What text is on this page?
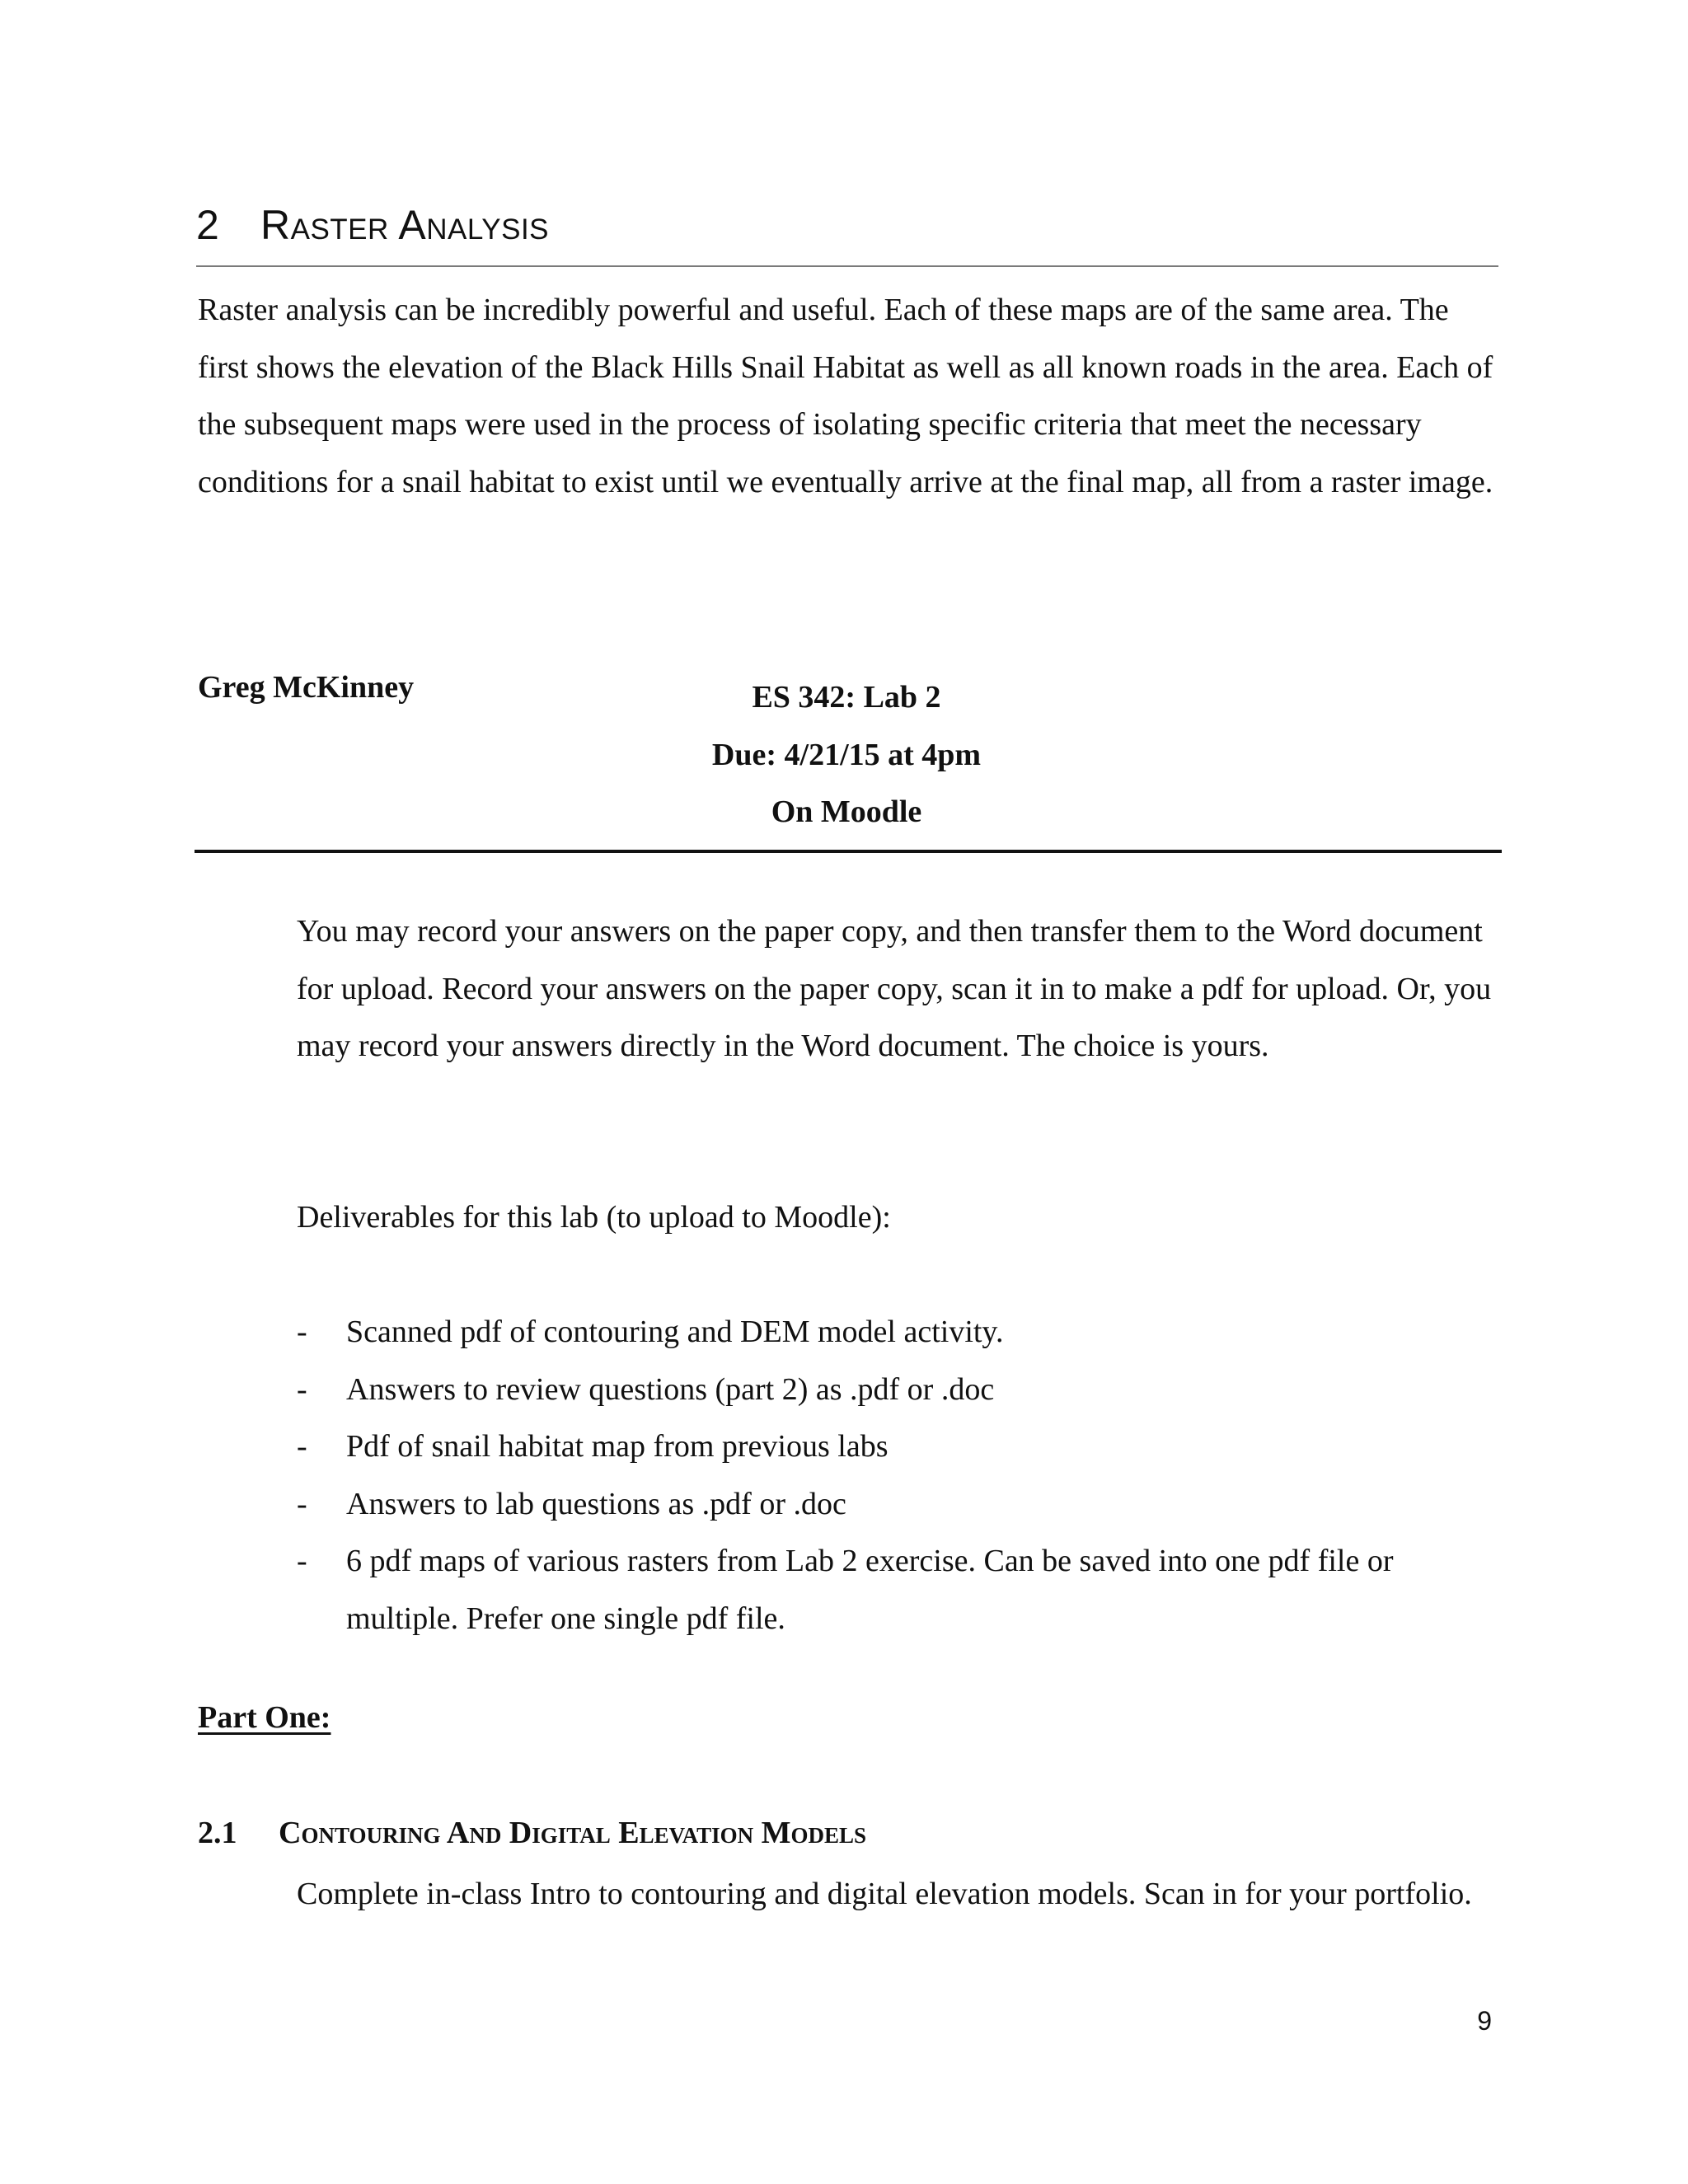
2 Raster Analysis

Raster analysis can be incredibly powerful and useful. Each of these maps are of the same area. The first shows the elevation of the Black Hills Snail Habitat as well as all known roads in the area. Each of the subsequent maps were used in the process of isolating specific criteria that meet the necessary conditions for a snail habitat to exist until we eventually arrive at the final map, all from a raster image.

Greg McKinney	ES 342: Lab 2
Due: 4/21/15 at 4pm
On Moodle

You may record your answers on the paper copy, and then transfer them to the Word document for upload. Record your answers on the paper copy, scan it in to make a pdf for upload. Or, you may record your answers directly in the Word document. The choice is yours.

Deliverables for this lab (to upload to Moodle):

- Scanned pdf of contouring and DEM model activity.
- Answers to review questions (part 2) as .pdf or .doc
- Pdf of snail habitat map from previous labs
- Answers to lab questions as .pdf or .doc
- 6 pdf maps of various rasters from Lab 2 exercise. Can be saved into one pdf file or multiple. Prefer one single pdf file.
Part One:
2.1 Contouring And Digital Elevation Models

Complete in-class Intro to contouring and digital elevation models. Scan in for your portfolio.

9
